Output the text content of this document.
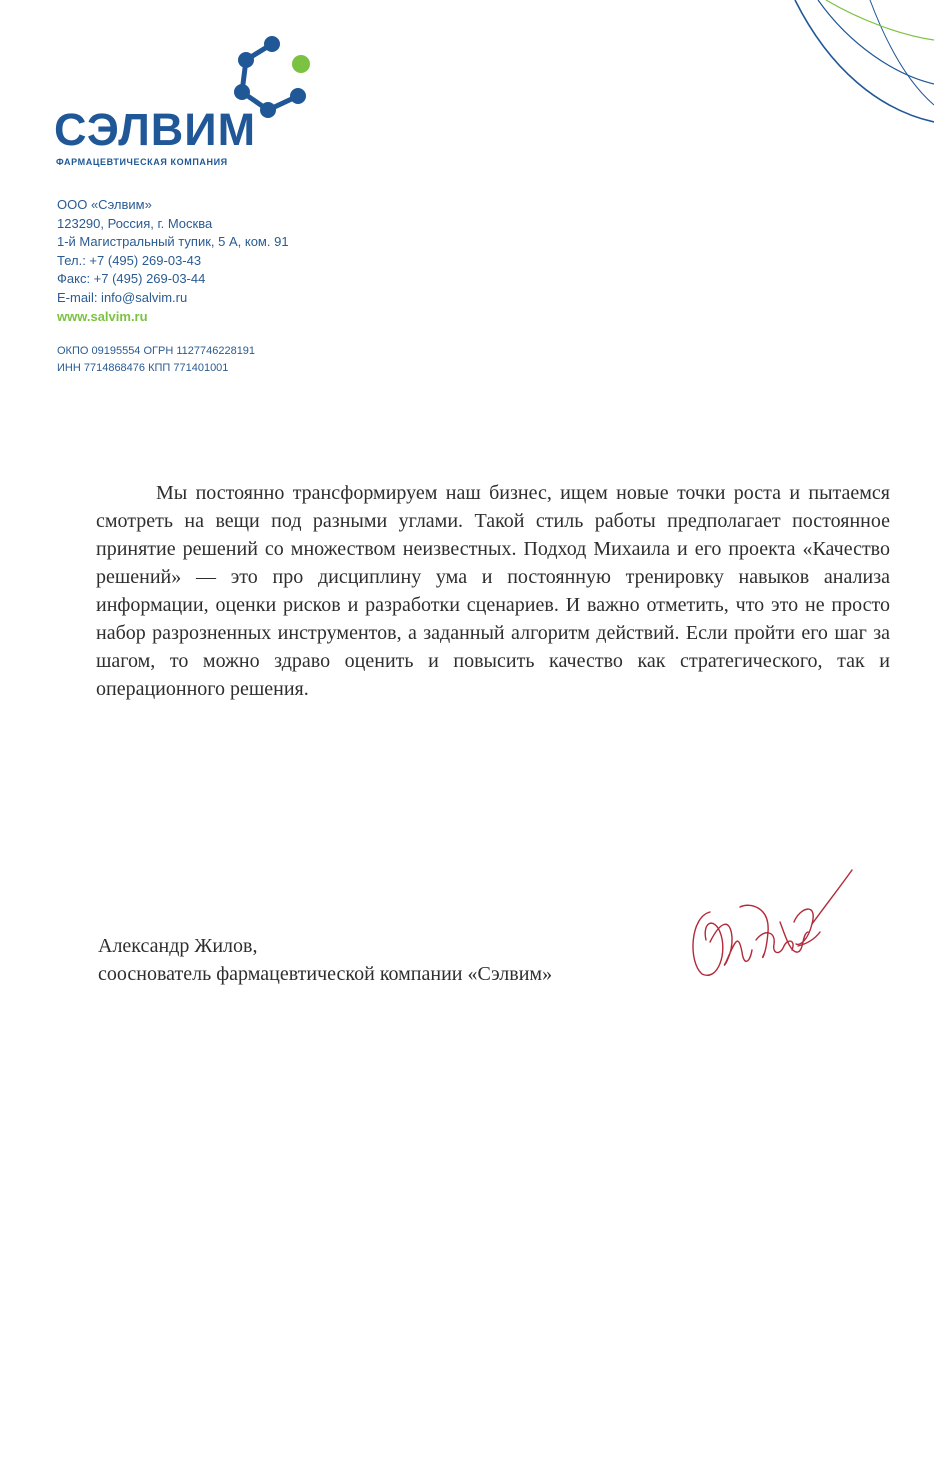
СЭЛВИМ
ФАРМАЦЕВТИЧЕСКАЯ КОМПАНИЯ
ООО «Сэлвим»
123290, Россия, г. Москва
1-й Магистральный тупик, 5 А, ком. 91
Тел.: +7 (495) 269-03-43
Факс: +7 (495) 269-03-44
E-mail: info@salvim.ru
www.salvim.ru
ОКПО 09195554 ОГРН 1127746228191
ИНН 7714868476 КПП 771401001

Мы постоянно трансформируем наш бизнес, ищем новые точки роста и пытаемся смотреть на вещи под разными углами. Такой стиль работы предполагает постоянное принятие решений со множеством неизвестных. Подход Михаила и его проекта «Качество решений» — это про дисциплину ума и постоянную тренировку навыков анализа информации, оценки рисков и разработки сценариев. И важно отметить, что это не просто набор разрозненных инструментов, а заданный алгоритм действий. Если пройти его шаг за шагом, то можно здраво оценить и повысить качество как стратегического, так и операционного решения.

Александр Жилов,
сооснователь фармацевтической компании «Сэлвим»
